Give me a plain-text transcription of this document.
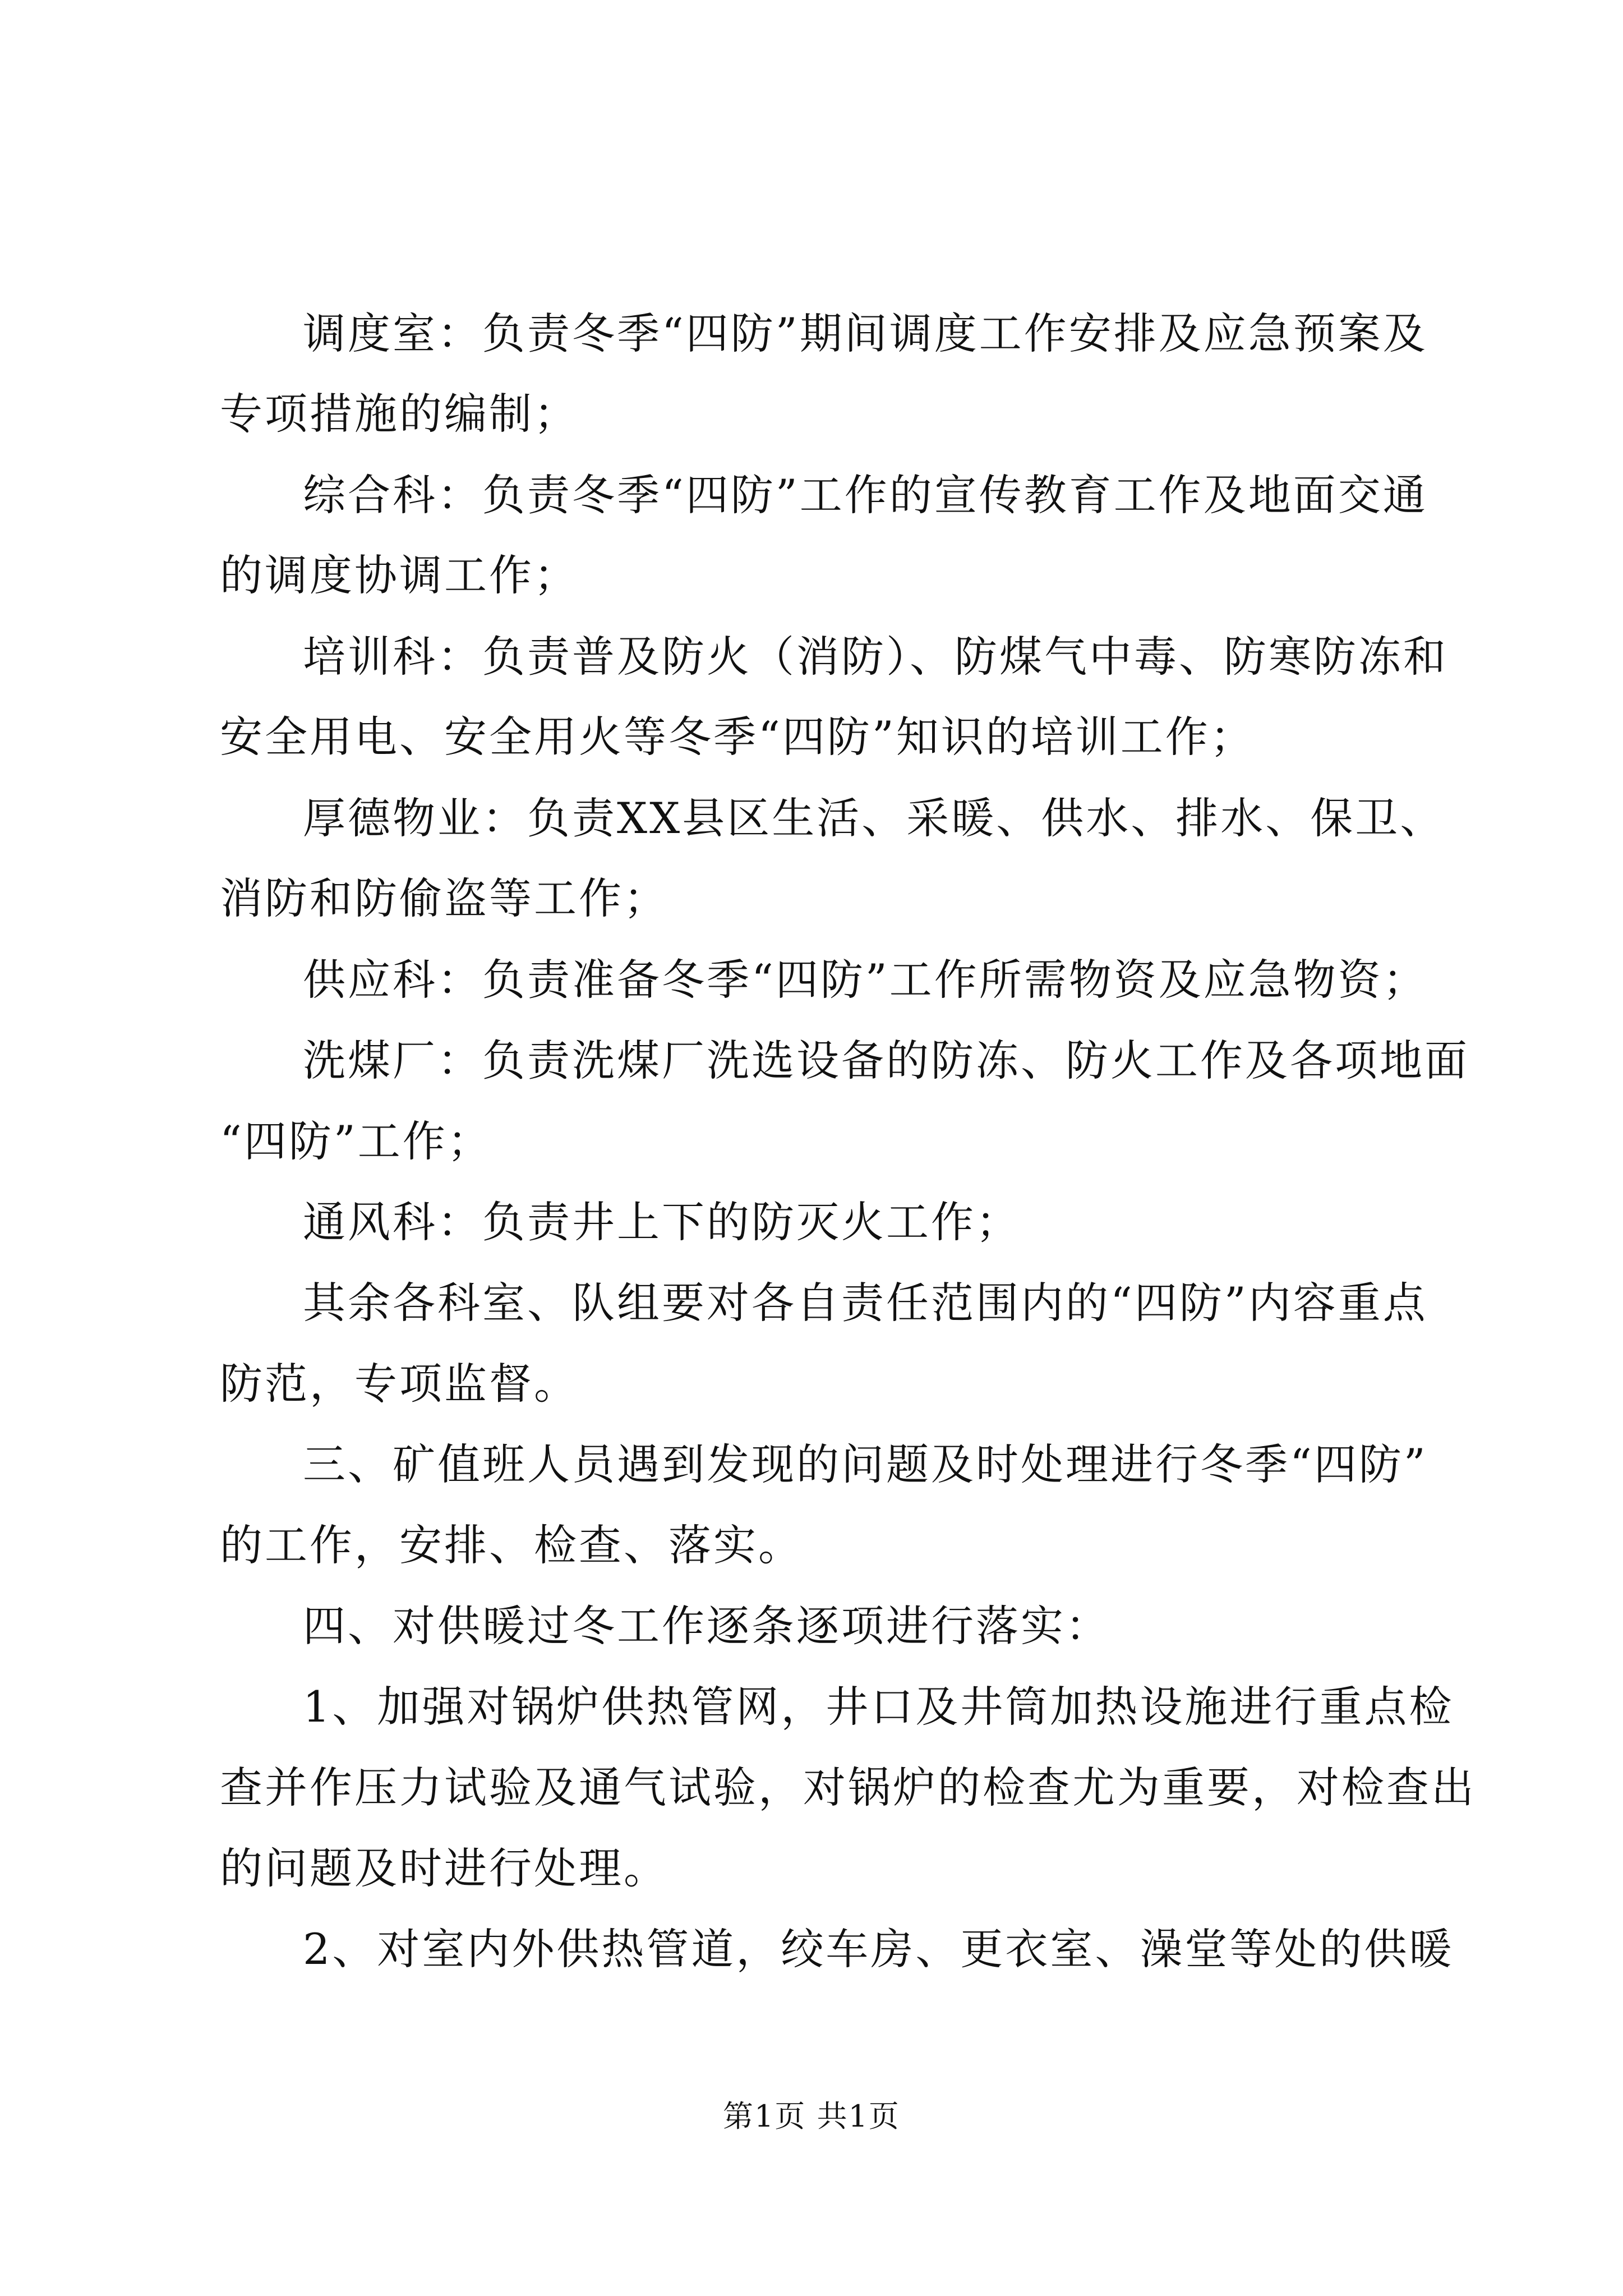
调度室：负责冬季“四防”期间调度工作安排及应急预案及
专项措施的编制；
综合科：负责冬季“四防”工作的宣传教育工作及地面交通
的调度协调工作；
培训科：负责普及防火（消防）、防煤气中毒、防寒防冻和
安全用电、安全用火等冬季“四防”知识的培训工作；
厚德物业：负责XX县区生活、采暖、供水、排水、保卫、
消防和防偷盗等工作；
供应科：负责准备冬季“四防”工作所需物资及应急物资；
洗煤厂：负责洗煤厂洗选设备的防冻、防火工作及各项地面
“四防”工作；
通风科：负责井上下的防灭火工作；
其余各科室、队组要对各自责任范围内的“四防”内容重点
防范，专项监督。
三、矿值班人员遇到发现的问题及时处理进行冬季“四防”
的工作，安排、检查、落实。
四、对供暖过冬工作逐条逐项进行落实：
1、加强对锅炉供热管网，井口及井筒加热设施进行重点检
查并作压力试验及通气试验，对锅炉的检查尤为重要，对检查出
的问题及时进行处理。
2、对室内外供热管道，绞车房、更衣室、澡堂等处的供暖
第1页 共1页
